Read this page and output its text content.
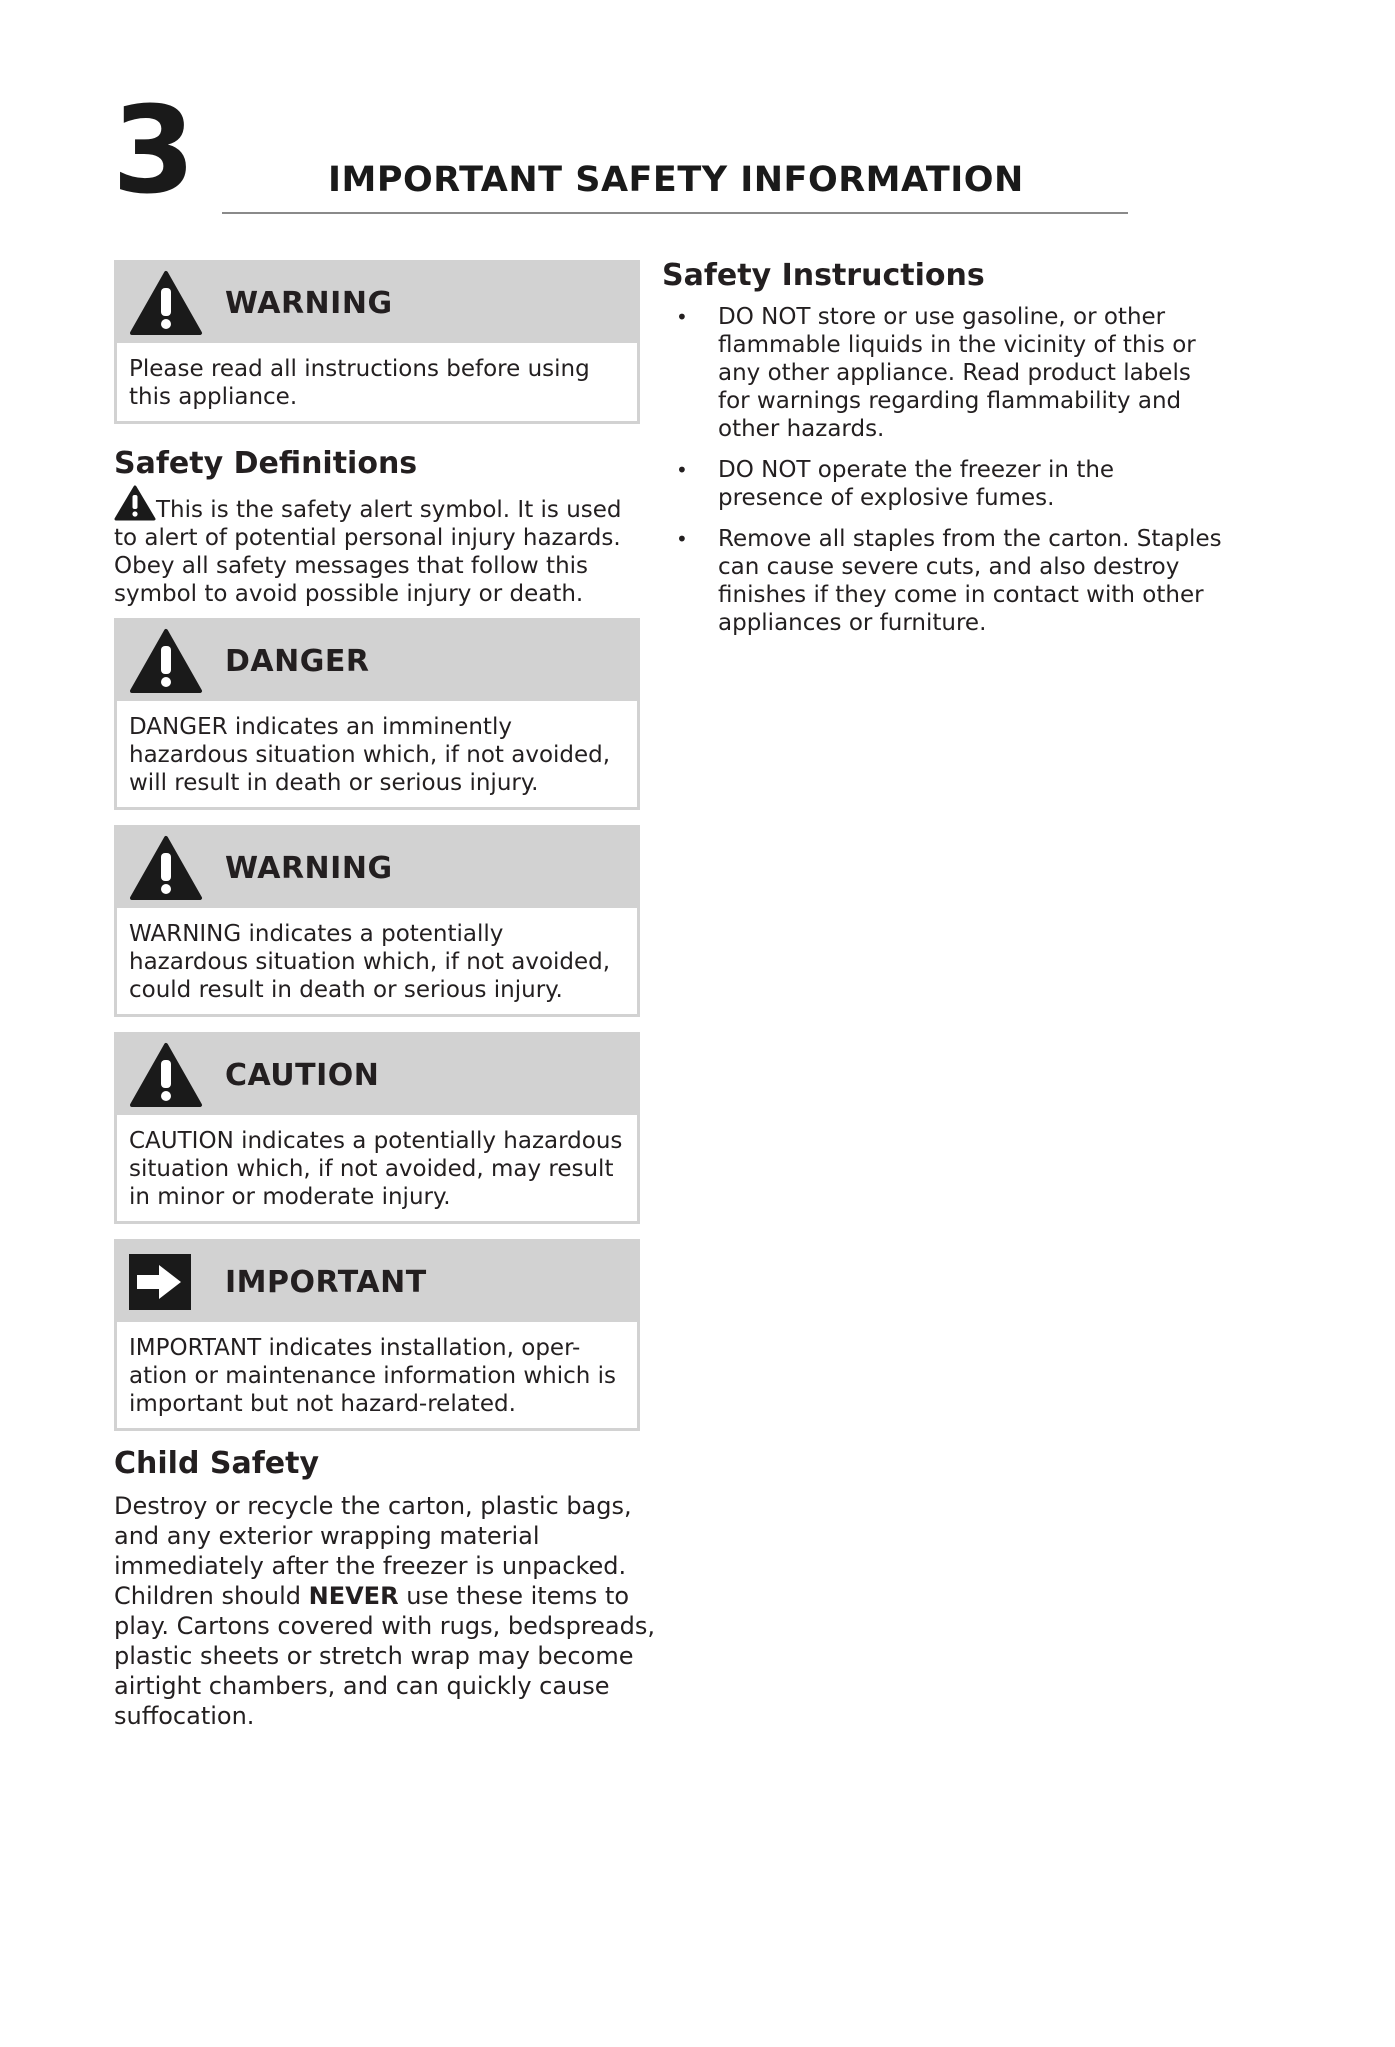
3	IMPORTANT SAFETY INFORMATION
WARNING
Please read all instructions before using this appliance.
Safety Definitions
This is the safety alert symbol. It is used to alert of potential personal injury hazards. Obey all safety messages that follow this symbol to avoid possible injury or death.
DANGER
DANGER indicates an imminently hazardous situation which, if not avoided, will result in death or serious injury.
WARNING
WARNING indicates a potentially hazardous situation which, if not avoided, could result in death or serious injury.
CAUTION
CAUTION indicates a potentially hazardous situation which, if not avoided, may result in minor or moderate injury.
IMPORTANT
IMPORTANT indicates installation, oper-ation or maintenance information which is important but not hazard-related.
Child Safety
Destroy or recycle the carton, plastic bags, and any exterior wrapping material immediately after the freezer is unpacked. Children should NEVER use these items to play. Cartons covered with rugs, bedspreads, plastic sheets or stretch wrap may become airtight chambers, and can quickly cause suffocation.
Safety Instructions
•	DO NOT store or use gasoline, or other flammable liquids in the vicinity of this or any other appliance. Read product labels for warnings regarding flammability and other hazards.
•	DO NOT operate the freezer in the presence of explosive fumes.
•	Remove all staples from the carton. Staples can cause severe cuts, and also destroy finishes if they come in contact with other appliances or furniture.
